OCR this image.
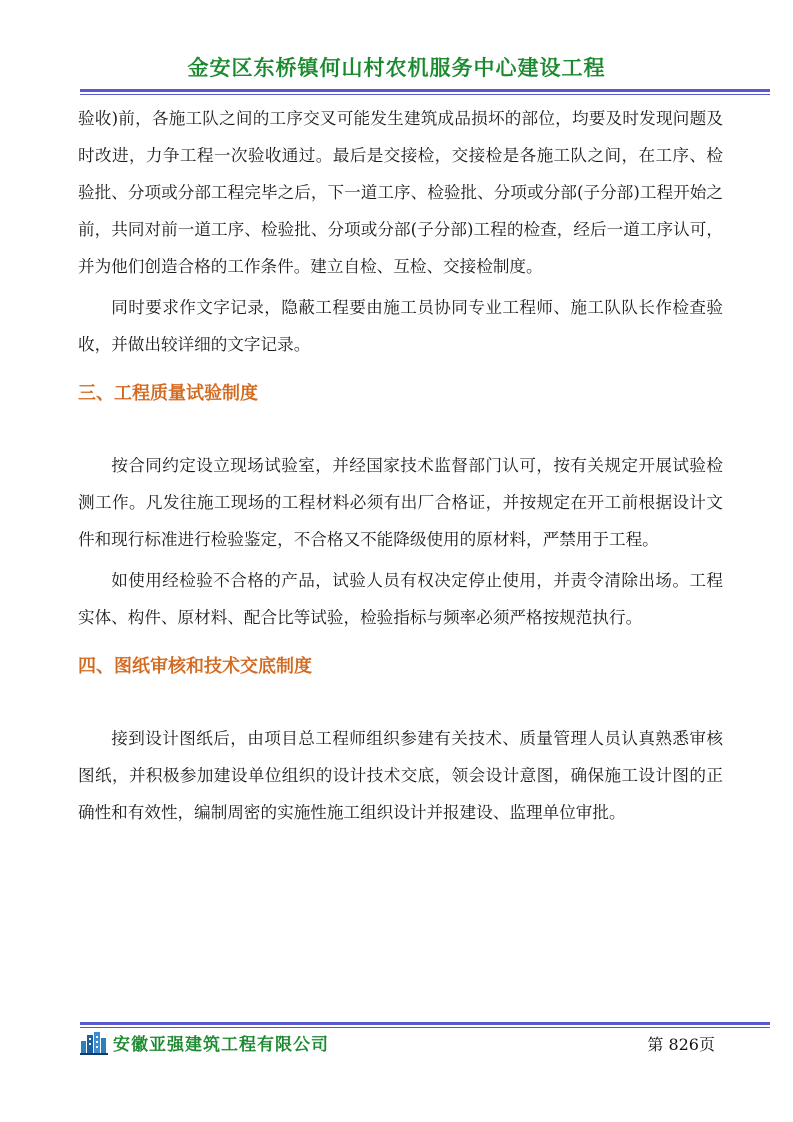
金安区东桥镇何山村农机服务中心建设工程

验收)前，各施工队之间的工序交叉可能发生建筑成品损坏的部位，均要及时发现问题及时改进，力争工程一次验收通过。最后是交接检，交接检是各施工队之间，在工序、检验批、分项或分部工程完毕之后，下一道工序、检验批、分项或分部(子分部)工程开始之前，共同对前一道工序、检验批、分项或分部(子分部)工程的检查，经后一道工序认可，并为他们创造合格的工作条件。建立自检、互检、交接检制度。

同时要求作文字记录，隐蔽工程要由施工员协同专业工程师、施工队队长作检查验收，并做出较详细的文字记录。

三、工程质量试验制度

按合同约定设立现场试验室，并经国家技术监督部门认可，按有关规定开展试验检测工作。凡发往施工现场的工程材料必须有出厂合格证，并按规定在开工前根据设计文件和现行标准进行检验鉴定，不合格又不能降级使用的原材料，严禁用于工程。

如使用经检验不合格的产品，试验人员有权决定停止使用，并责令清除出场。工程实体、构件、原材料、配合比等试验，检验指标与频率必须严格按规范执行。

四、图纸审核和技术交底制度

接到设计图纸后，由项目总工程师组织参建有关技术、质量管理人员认真熟悉审核图纸，并积极参加建设单位组织的设计技术交底，领会设计意图，确保施工设计图的正确性和有效性，编制周密的实施性施工组织设计并报建设、监理单位审批。

安徽亚强建筑工程有限公司	第 826页
